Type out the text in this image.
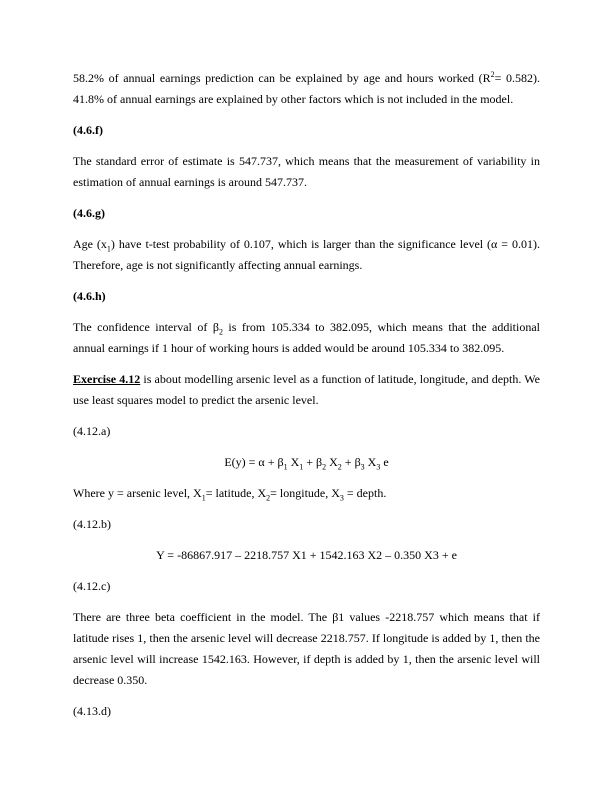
58.2% of annual earnings prediction can be explained by age and hours worked $(R^2= 0.582)$. 41.8% of annual earnings are explained by other factors which is not included in the model.

(4.6.f)

The standard error of estimate is 547.737, which means that the measurement of variability in estimation of annual earnings is around 547.737.

(4.6.g)

Age $(x_1)$ have t-test probability of 0.107, which is larger than the significance level (α = 0.01). Therefore, age is not significantly affecting annual earnings.

(4.6.h)

The confidence interval of $\beta_2$ is from 105.334 to 382.095, which means that the additional annual earnings if 1 hour of working hours is added would be around 105.334 to 382.095.

Exercise 4.12 is about modelling arsenic level as a function of latitude, longitude, and depth. We use least squares model to predict the arsenic level.

(4.12.a)

$E(y) = \alpha + \beta_1$ $X_1 + \beta_2$ $X_2 + \beta_3$ $X_3$ e

Where y = arsenic level, $X_1=$ latitude, $X_2=$ longitude, $X_3$ = depth.

(4.12.b)

Y = -86867.917 – 2218.757 X1 + 1542.163 X2 – 0.350 X3 + e

(4.12.c)

There are three beta coefficient in the model. The β1 values -2218.757 which means that if latitude rises 1, then the arsenic level will decrease 2218.757. If longitude is added by 1, then the arsenic level will increase 1542.163. However, if depth is added by 1, then the arsenic level will decrease 0.350.

(4.13.d)
